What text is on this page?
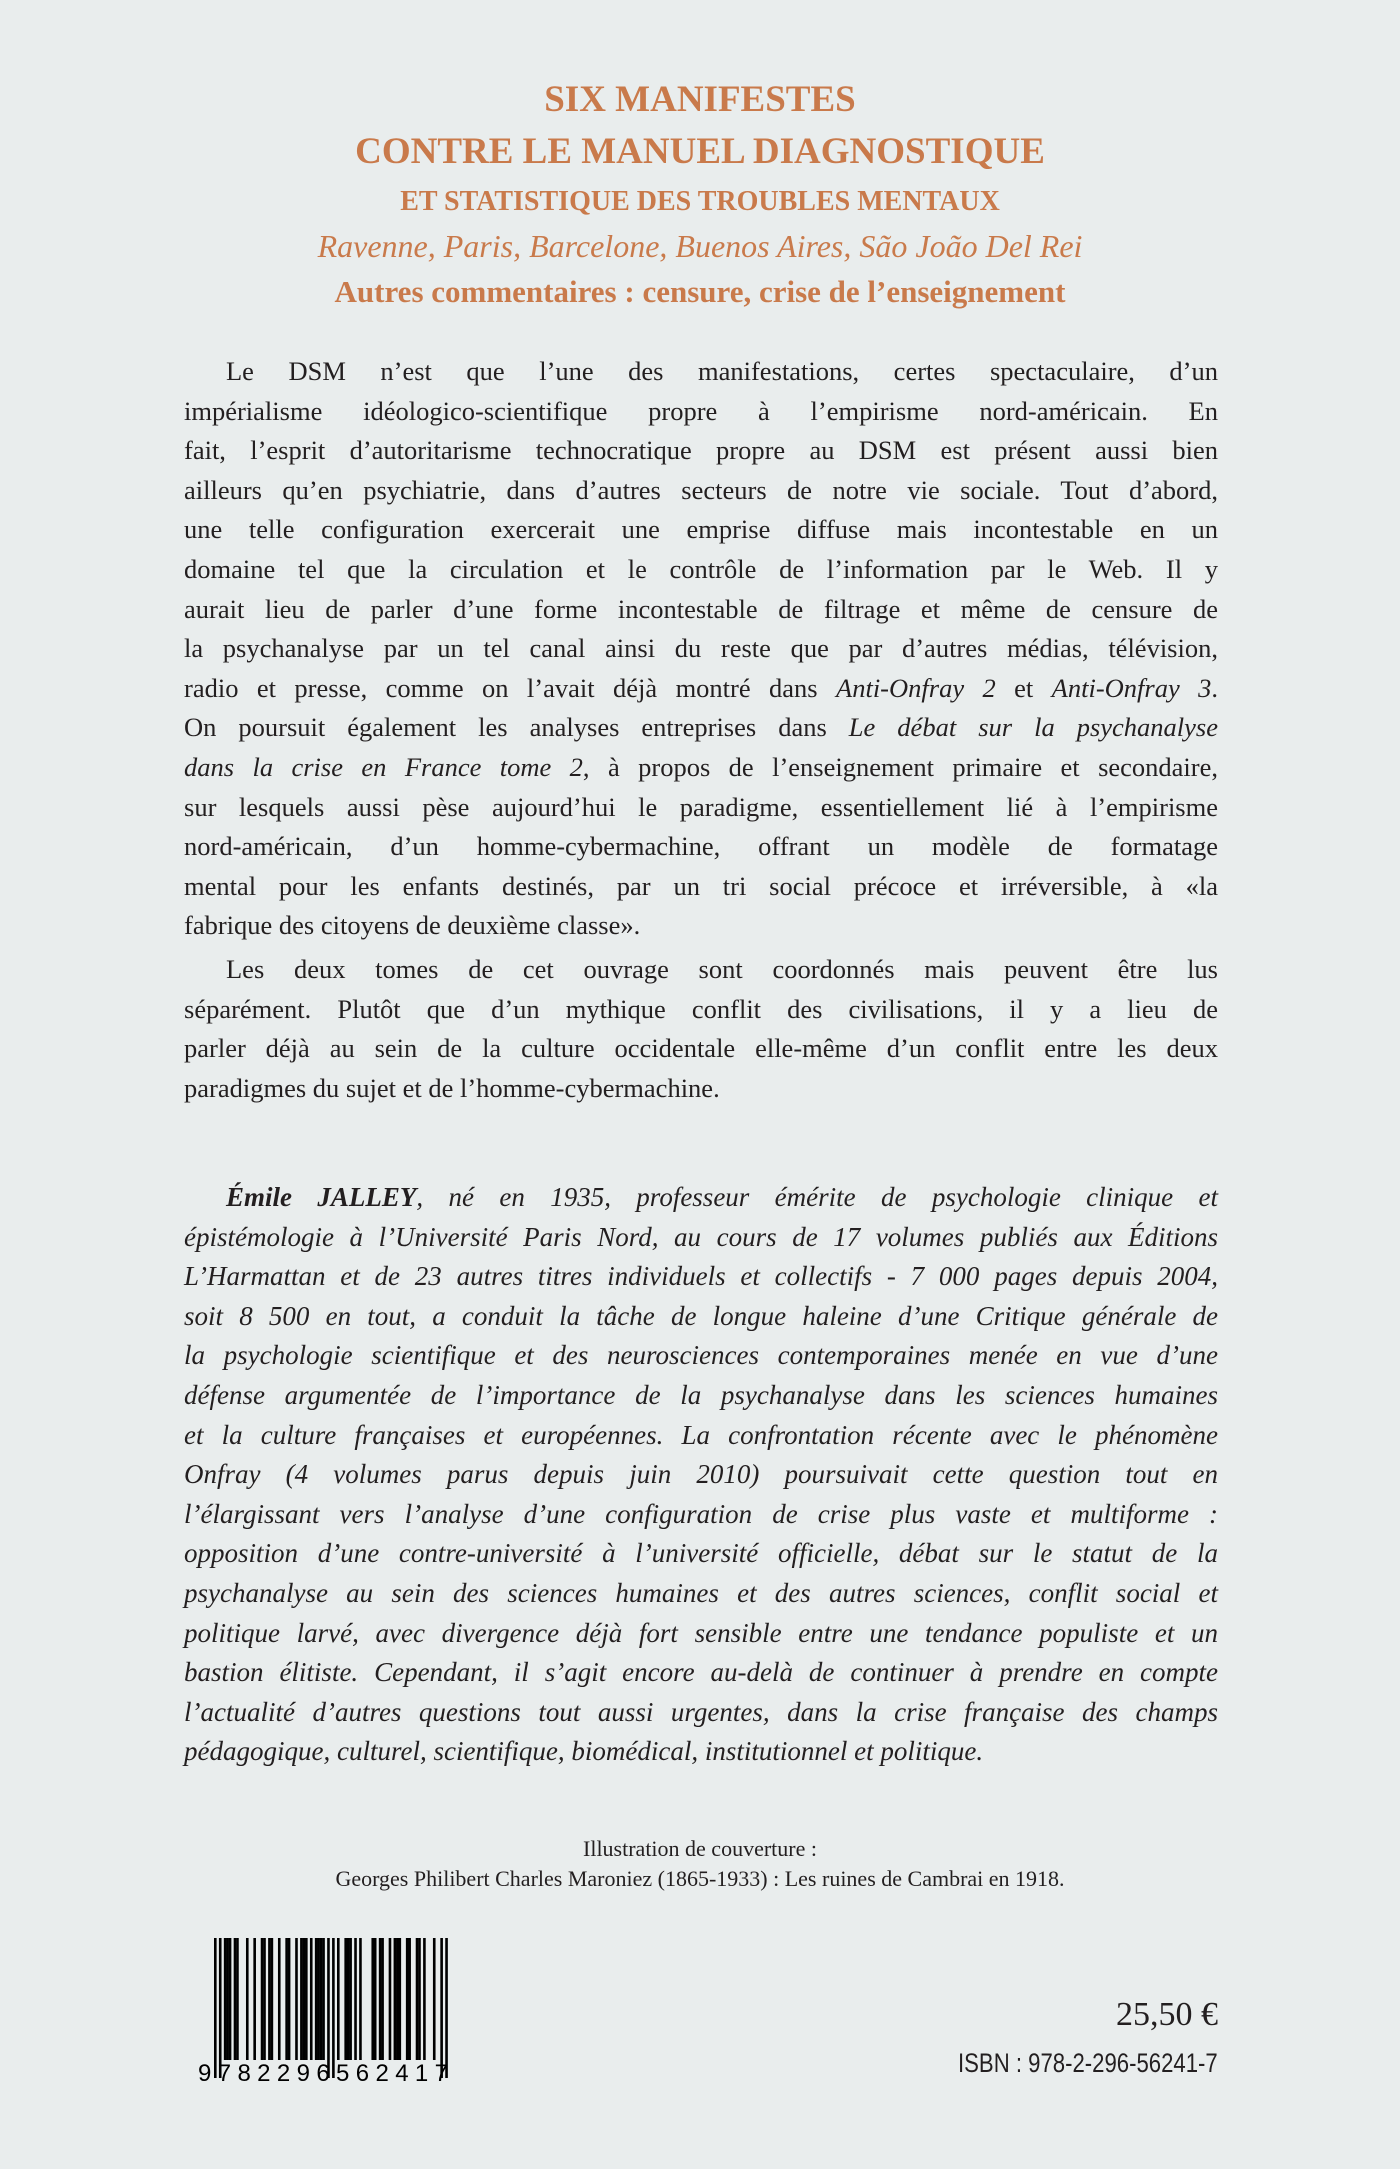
SIX MANIFESTES
CONTRE LE MANUEL DIAGNOSTIQUE
ET STATISTIQUE DES TROUBLES MENTAUX
Ravenne, Paris, Barcelone, Buenos Aires, São João Del Rei
Autres commentaires : censure, crise de l’enseignement
Le DSM n’est que l’une des manifestations, certes spectaculaire, d’un
impérialisme idéologico-scientifique propre à l’empirisme nord-américain. En
fait, l’esprit d’autoritarisme technocratique propre au DSM est présent aussi bien
ailleurs qu’en psychiatrie, dans d’autres secteurs de notre vie sociale. Tout d’abord,
une telle configuration exercerait une emprise diffuse mais incontestable en un
domaine tel que la circulation et le contrôle de l’information par le Web. Il y
aurait lieu de parler d’une forme incontestable de filtrage et même de censure de
la psychanalyse par un tel canal ainsi du reste que par d’autres médias, télévision,
radio et presse, comme on l’avait déjà montré dans Anti-Onfray 2 et Anti-Onfray 3.
On poursuit également les analyses entreprises dans Le débat sur la psychanalyse
dans la crise en France tome 2, à propos de l’enseignement primaire et secondaire,
sur lesquels aussi pèse aujourd’hui le paradigme, essentiellement lié à l’empirisme
nord-américain, d’un homme-cybermachine, offrant un modèle de formatage
mental pour les enfants destinés, par un tri social précoce et irréversible, à «la
fabrique des citoyens de deuxième classe».
Les deux tomes de cet ouvrage sont coordonnés mais peuvent être lus
séparément. Plutôt que d’un mythique conflit des civilisations, il y a lieu de
parler déjà au sein de la culture occidentale elle-même d’un conflit entre les deux
paradigmes du sujet et de l’homme-cybermachine.
Émile JALLEY, né en 1935, professeur émérite de psychologie clinique et
épistémologie à l’Université Paris Nord, au cours de 17 volumes publiés aux Éditions
L’Harmattan et de 23 autres titres individuels et collectifs - 7 000 pages depuis 2004,
soit 8 500 en tout, a conduit la tâche de longue haleine d’une Critique générale de
la psychologie scientifique et des neurosciences contemporaines menée en vue d’une
défense argumentée de l’importance de la psychanalyse dans les sciences humaines
et la culture françaises et européennes. La confrontation récente avec le phénomène
Onfray (4 volumes parus depuis juin 2010) poursuivait cette question tout en
l’élargissant vers l’analyse d’une configuration de crise plus vaste et multiforme :
opposition d’une contre-université à l’université officielle, débat sur le statut de la
psychanalyse au sein des sciences humaines et des autres sciences, conflit social et
politique larvé, avec divergence déjà fort sensible entre une tendance populiste et un
bastion élitiste. Cependant, il s’agit encore au-delà de continuer à prendre en compte
l’actualité d’autres questions tout aussi urgentes, dans la crise française des champs
pédagogique, culturel, scientifique, biomédical, institutionnel et politique.
Illustration de couverture :
Georges Philibert Charles Maroniez (1865-1933) : Les ruines de Cambrai en 1918.
9782296562417
25,50 €
ISBN : 978-2-296-56241-7
